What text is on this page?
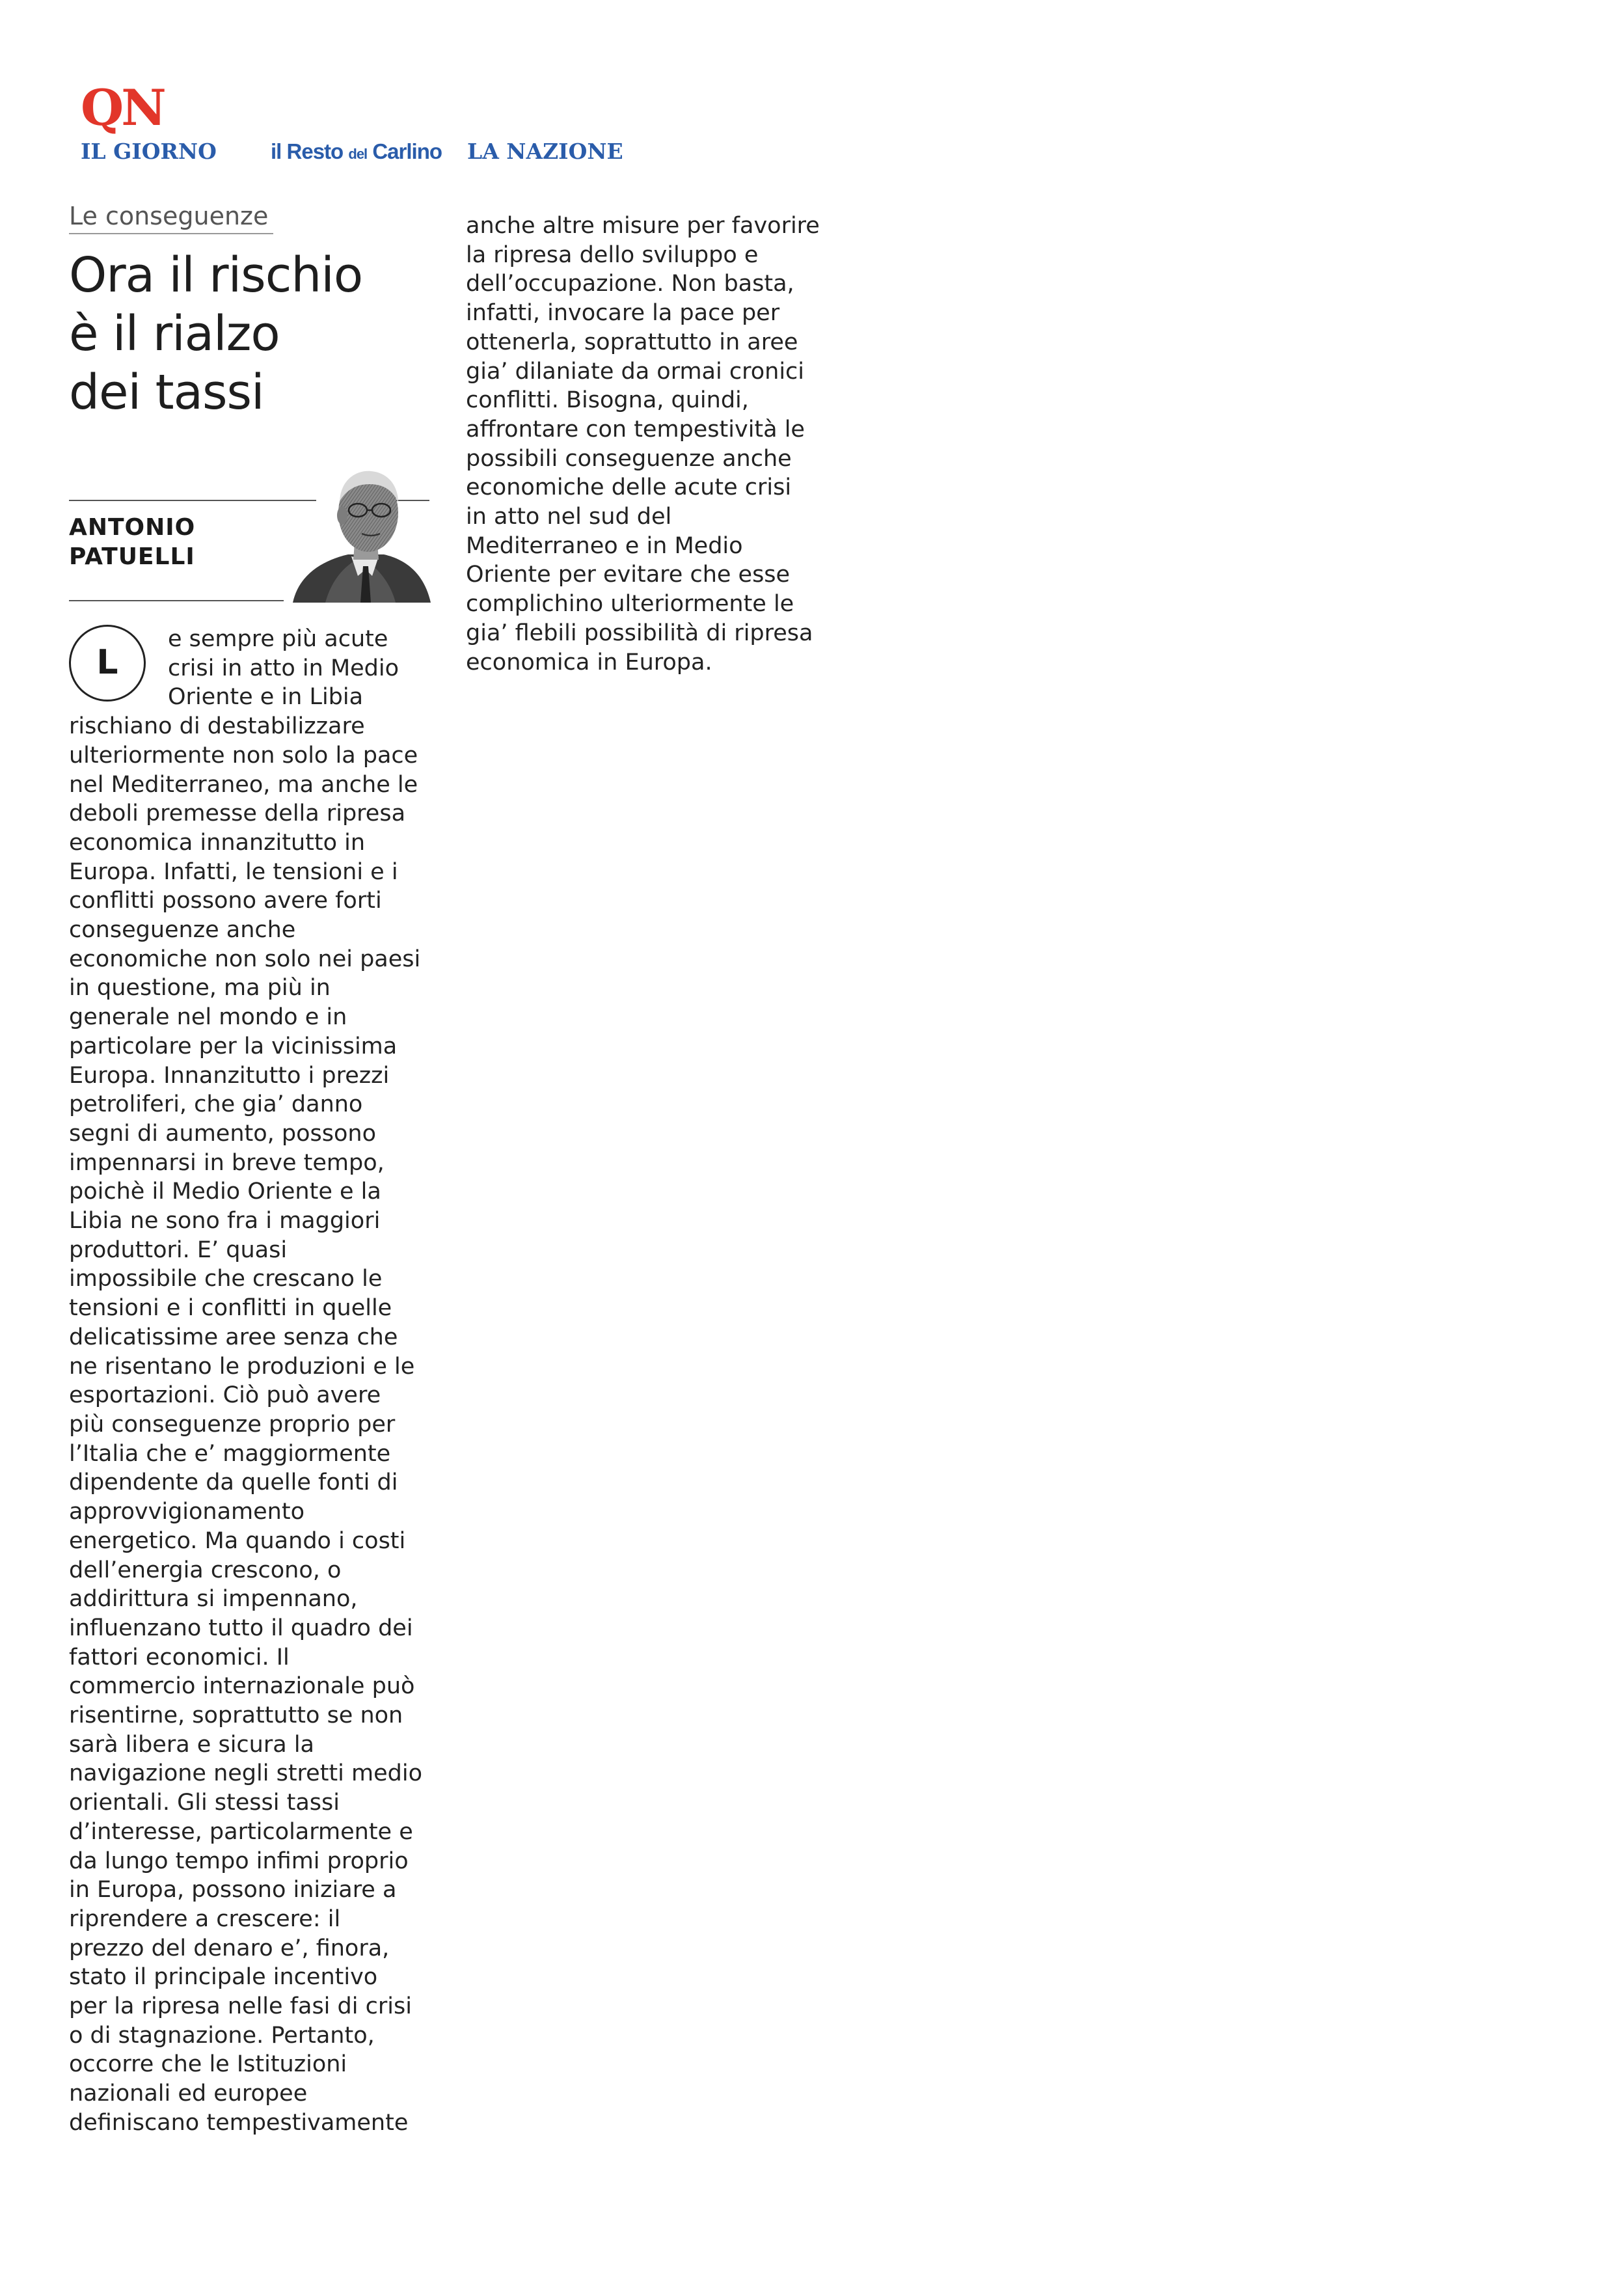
QN
IL GIORNO	il Resto del Carlino LA NAZIONE
Le conseguenze
Ora il rischio
è il rialzo
dei tassi
ANTONIO
PATUELLI
L

e sempre più acute
crisi in atto in Medio
Oriente e in Libia
rischiano di destabilizzare
ulteriormente non solo la pace
nel Mediterraneo, ma anche le
deboli premesse della ripresa
economica innanzitutto in
Europa. Infatti, le tensioni e i
conflitti possono avere forti
conseguenze anche
economiche non solo nei paesi
in questione, ma più in
generale nel mondo e in
particolare per la vicinissima
Europa. Innanzitutto i prezzi
petroliferi, che gia’ danno
segni di aumento, possono
impennarsi in breve tempo,
poichè il Medio Oriente e la
Libia ne sono fra i maggiori
produttori. E’ quasi
impossibile che crescano le
tensioni e i conflitti in quelle
delicatissime aree senza che
ne risentano le produzioni e le
esportazioni. Ciò può avere
più conseguenze proprio per
l’Italia che e’ maggiormente
dipendente da quelle fonti di
approvvigionamento
energetico. Ma quando i costi
dell’energia crescono, o
addirittura si impennano,
influenzano tutto il quadro dei
fattori economici. Il
commercio internazionale può
risentirne, soprattutto se non
sarà libera e sicura la
navigazione negli stretti medio
orientali. Gli stessi tassi
d’interesse, particolarmente e
da lungo tempo infimi proprio
in Europa, possono iniziare a
riprendere a crescere: il
prezzo del denaro e’, finora,
stato il principale incentivo
per la ripresa nelle fasi di crisi
o di stagnazione. Pertanto,
occorre che le Istituzioni
nazionali ed europee
definiscano tempestivamente

anche altre misure per favorire
la ripresa dello sviluppo e
dell’occupazione. Non basta,
infatti, invocare la pace per
ottenerla, soprattutto in aree
gia’ dilaniate da ormai cronici
conflitti. Bisogna, quindi,
affrontare con tempestività le
possibili conseguenze anche
economiche delle acute crisi
in atto nel sud del
Mediterraneo e in Medio
Oriente per evitare che esse
complichino ulteriormente le
gia’ flebili possibilità di ripresa
economica in Europa.
